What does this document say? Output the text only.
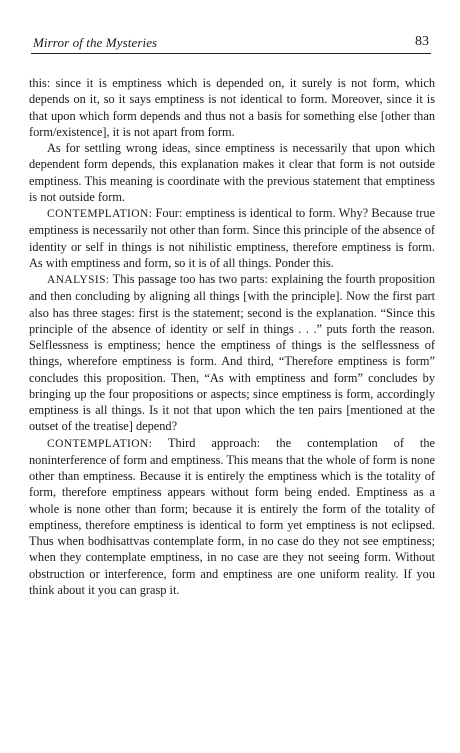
Mirror of the Mysteries	83

this: since it is emptiness which is depended on, it surely is not form, which depends on it, so it says emptiness is not identical to form. Moreover, since it is that upon which form depends and thus not a basis for something else [other than form/existence], it is not apart from form.

As for settling wrong ideas, since emptiness is necessarily that upon which dependent form depends, this explanation makes it clear that form is not outside emptiness. This meaning is coordinate with the previous statement that emptiness is not outside form.

CONTEMPLATION: Four: emptiness is identical to form. Why? Because true emptiness is necessarily not other than form. Since this principle of the absence of identity or self in things is not nihilistic emptiness, therefore emptiness is form. As with emptiness and form, so it is of all things. Ponder this.

ANALYSIS: This passage too has two parts: explaining the fourth proposition and then concluding by aligning all things [with the principle]. Now the first part also has three stages: first is the statement; second is the explanation. “Since this principle of the absence of identity or self in things . . .” puts forth the reason. Selflessness is emptiness; hence the emptiness of things is the selflessness of things, wherefore emptiness is form. And third, “Therefore emptiness is form” concludes this proposition. Then, “As with emptiness and form” concludes by bringing up the four propositions or aspects; since emptiness is form, accordingly emptiness is all things. Is it not that upon which the ten pairs [mentioned at the outset of the treatise] depend?

CONTEMPLATION: Third approach: the contemplation of the noninterference of form and emptiness. This means that the whole of form is none other than emptiness. Because it is entirely the emptiness which is the totality of form, therefore emptiness appears without form being ended. Emptiness as a whole is none other than form; because it is entirely the form of the totality of emptiness, therefore emptiness is identical to form yet emptiness is not eclipsed. Thus when bodhisattvas contemplate form, in no case do they not see emptiness; when they contemplate emptiness, in no case are they not seeing form. Without obstruction or interference, form and emptiness are one uniform reality. If you think about it you can grasp it.
